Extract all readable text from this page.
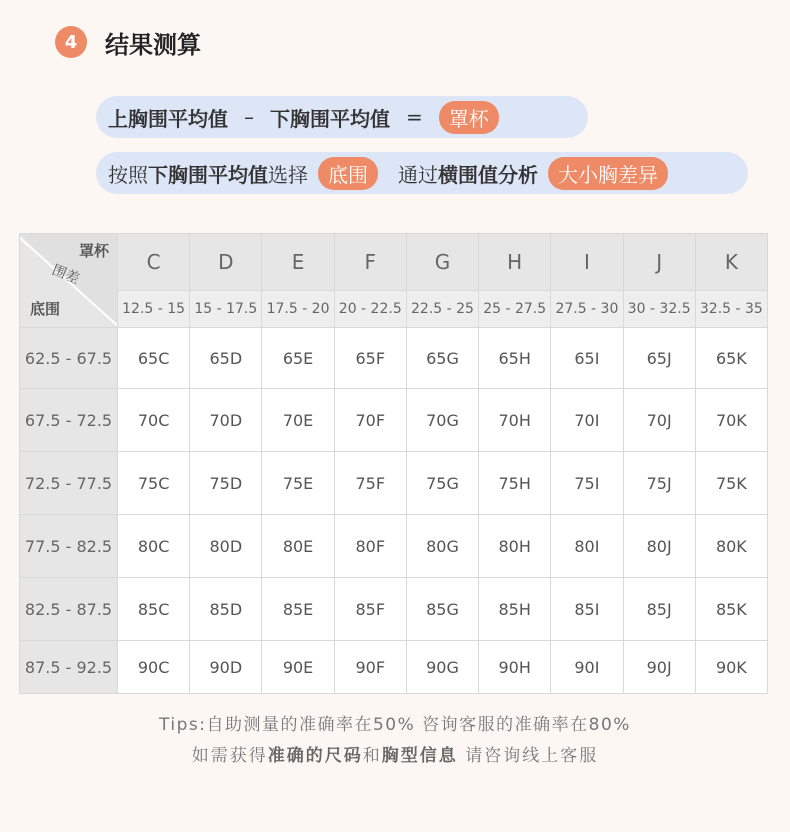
4	结果测算
上胸围平均值 – 下胸围平均值 =	罩杯
按照 下胸围平均值 选择	底围	通过 横围值分析	大小胸差异
罩杯
围差
底围	C	D	E	F	G	H	I	J	K
	12.5 - 15	15 - 17.5	17.5 - 20	20 - 22.5	22.5 - 25	25 - 27.5	27.5 - 30	30 - 32.5	32.5 - 35
62.5 - 67.5	65C	65D	65E	65F	65G	65H	65I	65J	65K
67.5 - 72.5	70C	70D	70E	70F	70G	70H	70I	70J	70K
72.5 - 77.5	75C	75D	75E	75F	75G	75H	75I	75J	75K
77.5 - 82.5	80C	80D	80E	80F	80G	80H	80I	80J	80K
82.5 - 87.5	85C	85D	85E	85F	85G	85H	85I	85J	85K
87.5 - 92.5	90C	90D	90E	90F	90G	90H	90I	90J	90K
Tips:自助测量的准确率在50% 咨询客服的准确率在80%
如需获得准确的尺码和胸型信息 请咨询线上客服
